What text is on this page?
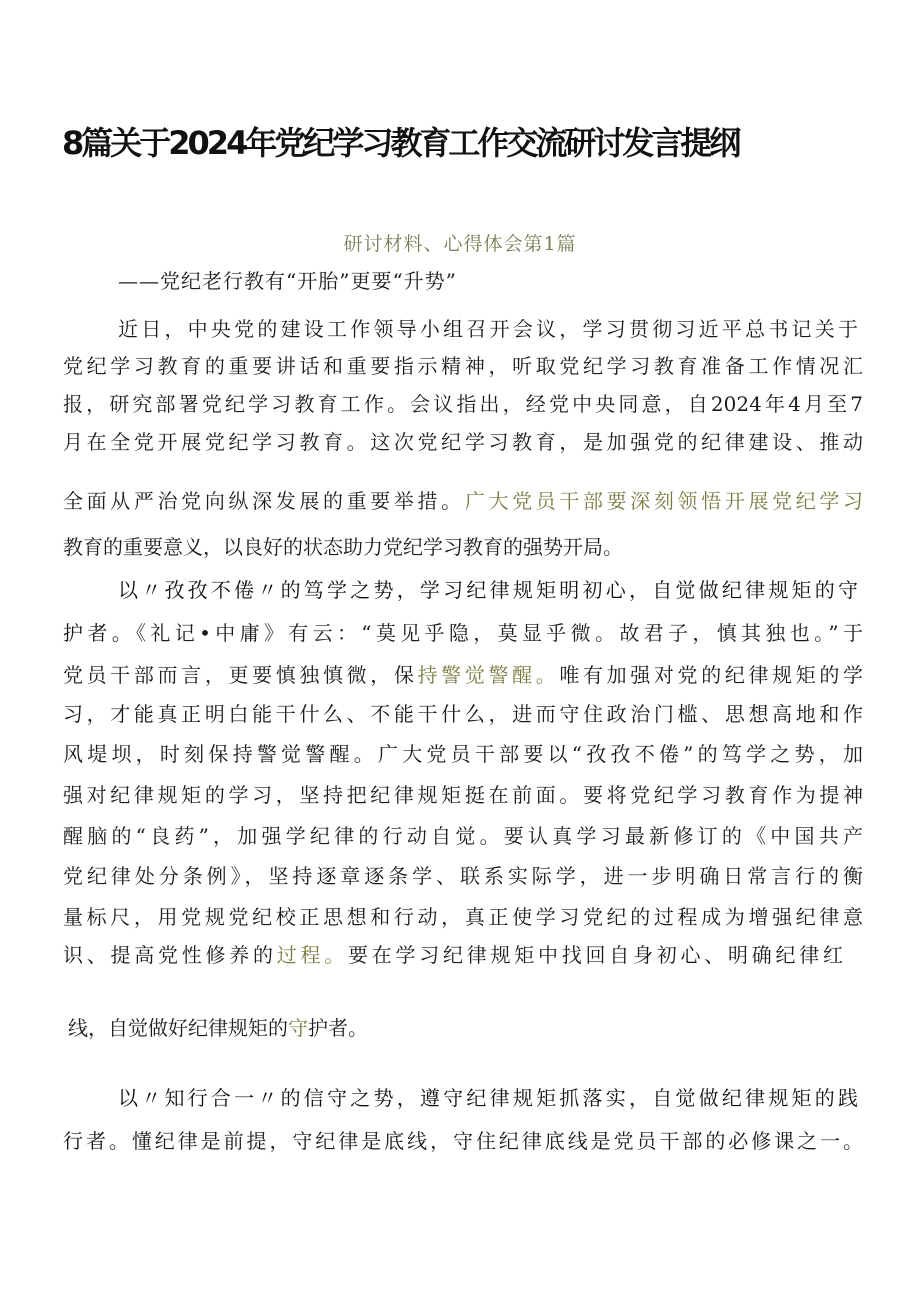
8篇关于2024年党纪学习教育工作交流研讨发言提纲
研讨材料、心得体会第1篇
——党纪老行教有“开胎”更要“升势”
近日，中央党的建设工作领导小组召开会议，学习贯彻习近平总书记关于
党纪学习教育的重要讲话和重要指示精神，听取党纪学习教育准备工作情况汇
报，研究部署党纪学习教育工作。会议指出，经党中央同意，自2024年4月至7
月在全党开展党纪学习教育。这次党纪学习教育，是加强党的纪律建设、推动
全面从严治党向纵深发展的重要举措。广大党员干部要深刻领悟开展党纪学习
教育的重要意义，以良好的状态助力党纪学习教育的强势开局。
以〃孜孜不倦〃的笃学之势，学习纪律规矩明初心，自觉做纪律规矩的守
护者。《礼记•中庸》有云：“莫见乎隐，莫显乎微。故君子，慎其独也。”于
党员干部而言，更要慎独慎微，保持警觉警醒。唯有加强对党的纪律规矩的学
习，才能真正明白能干什么、不能干什么，进而守住政治门槛、思想高地和作
风堤坝，时刻保持警觉警醒。广大党员干部要以“孜孜不倦”的笃学之势，加
强对纪律规矩的学习，坚持把纪律规矩挺在前面。要将党纪学习教育作为提神
醒脑的“良药”，加强学纪律的行动自觉。要认真学习最新修订的《中国共产
党纪律处分条例》，坚持逐章逐条学、联系实际学，进一步明确日常言行的衡
量标尺，用党规党纪校正思想和行动，真正使学习党纪的过程成为增强纪律意
识、提高党性修养的过程。要在学习纪律规矩中找回自身初心、明确纪律红
线，自觉做好纪律规矩的守护者。
以〃知行合一〃的信守之势，遵守纪律规矩抓落实，自觉做纪律规矩的践
行者。懂纪律是前提，守纪律是底线，守住纪律底线是党员干部的必修课之一。
